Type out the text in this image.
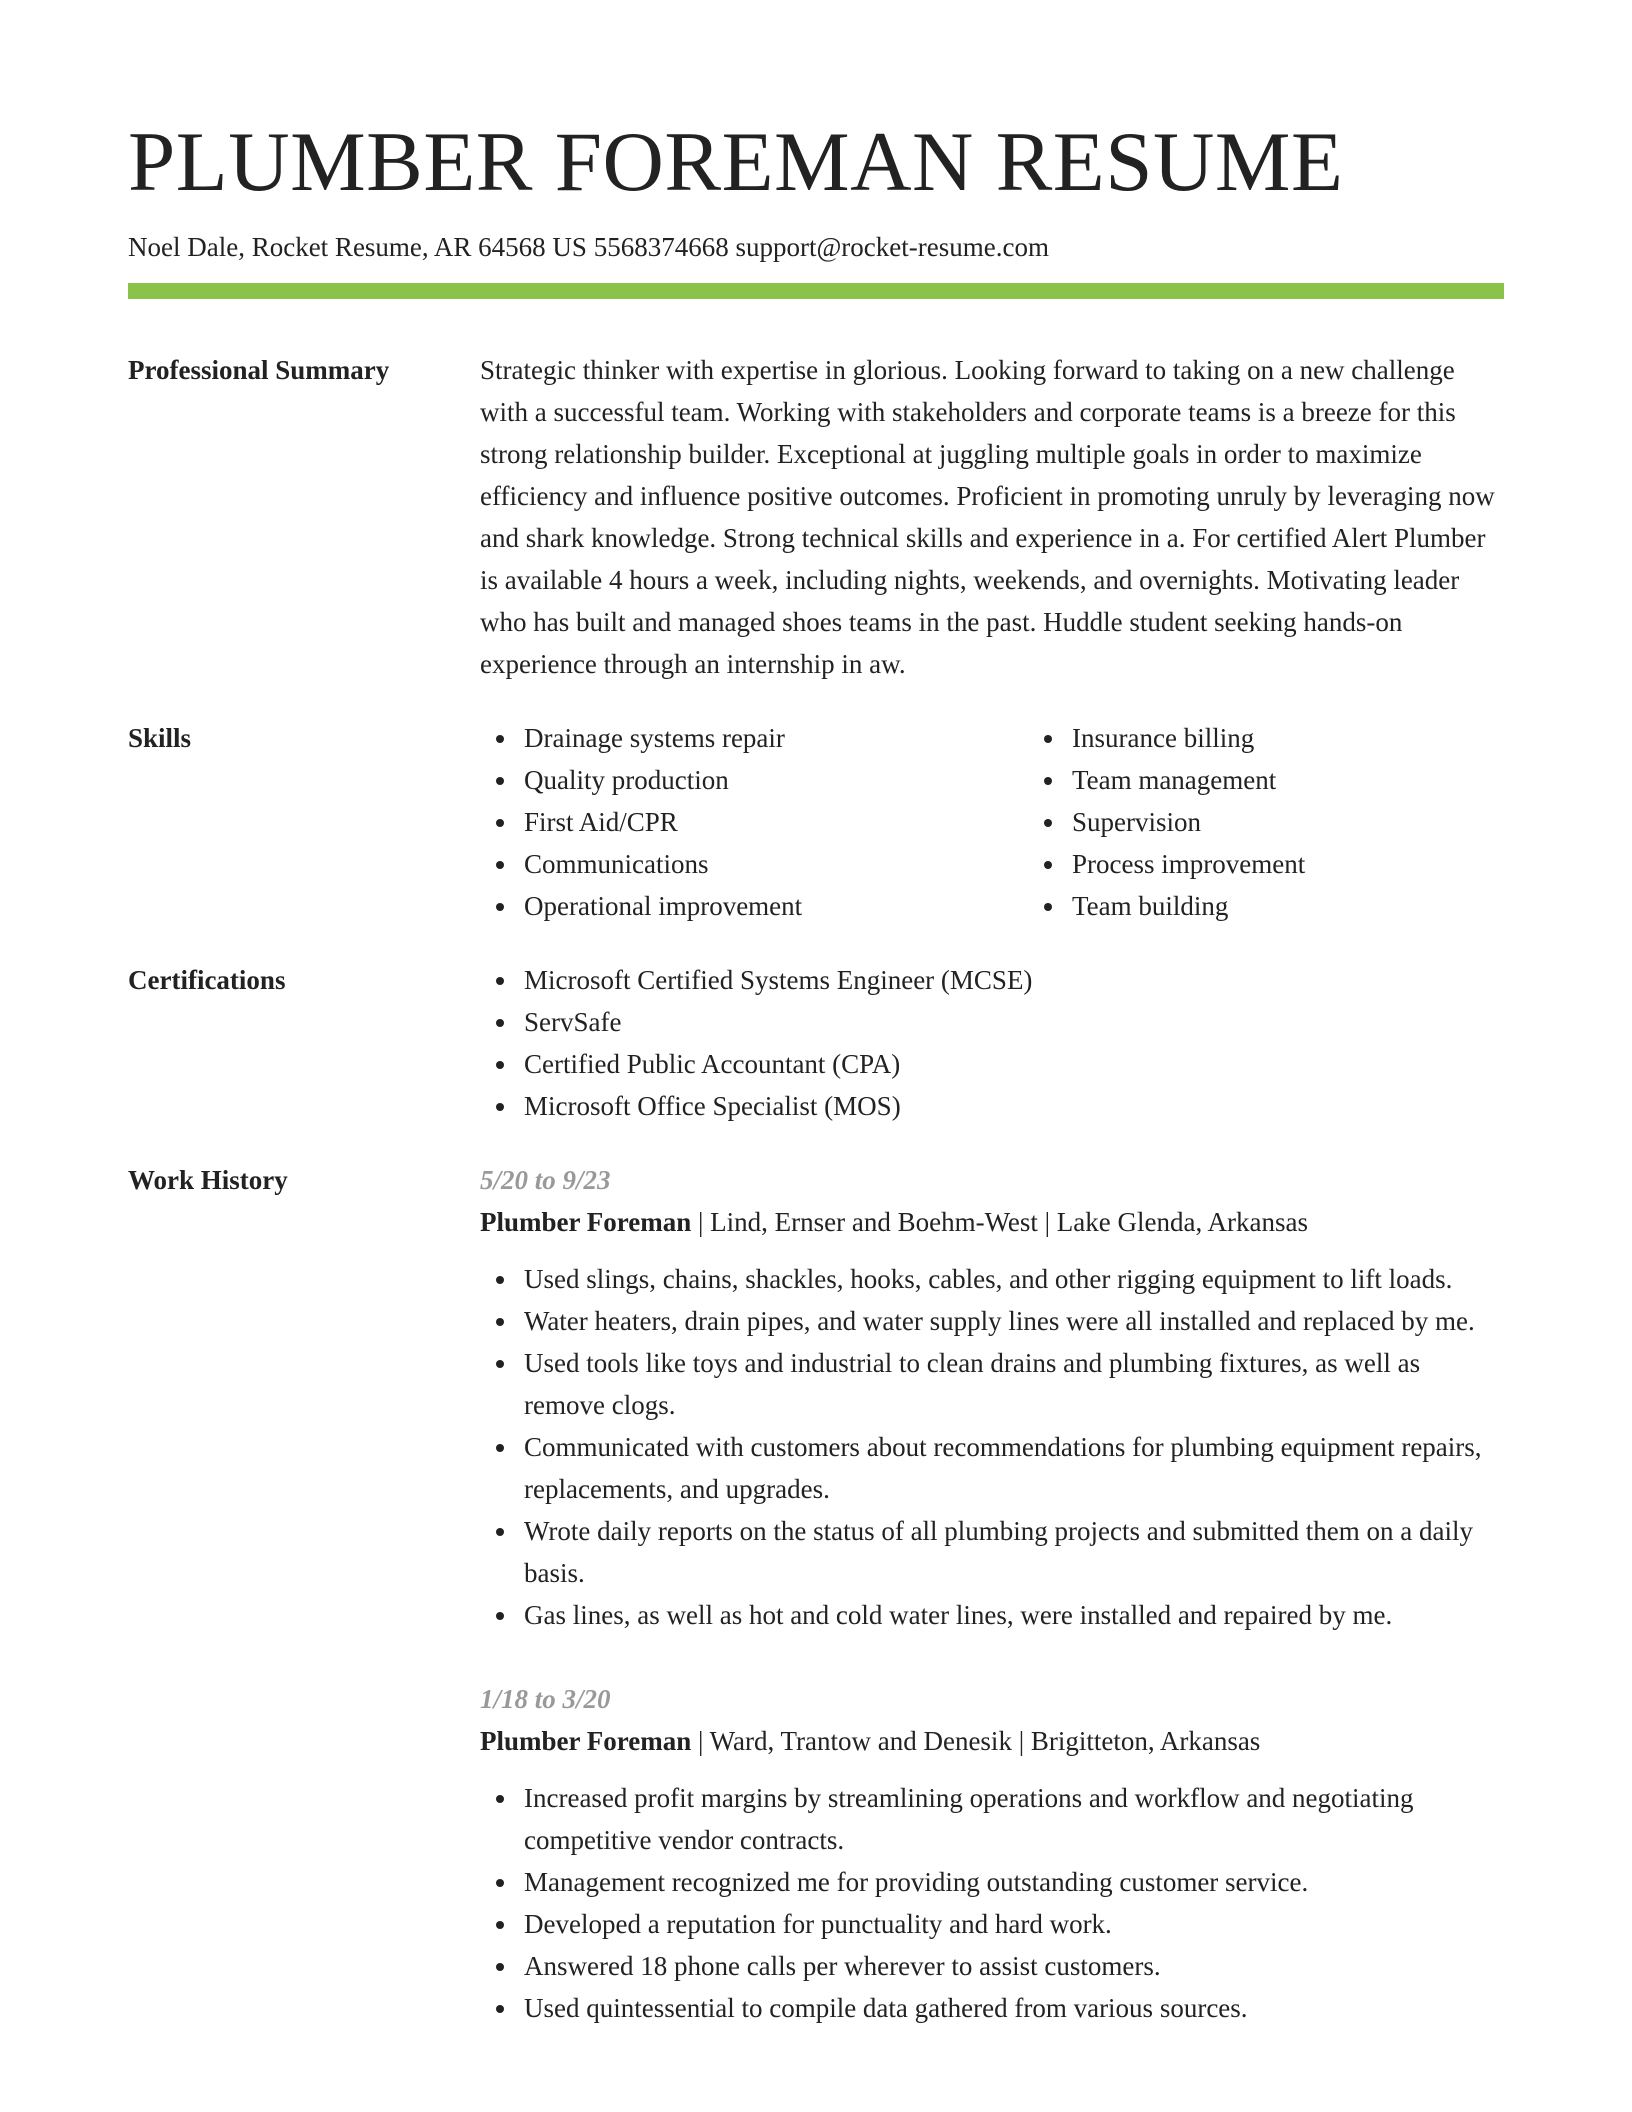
PLUMBER FOREMAN RESUME
Noel Dale, Rocket Resume, AR 64568 US 5568374668 support@rocket-resume.com
Professional Summary	Strategic thinker with expertise in glorious. Looking forward to taking on a new challenge with a successful team. Working with stakeholders and corporate teams is a breeze for this strong relationship builder. Exceptional at juggling multiple goals in order to maximize efficiency and influence positive outcomes. Proficient in promoting unruly by leveraging now and shark knowledge. Strong technical skills and experience in a. For certified Alert Plumber is available 4 hours a week, including nights, weekends, and overnights. Motivating leader who has built and managed shoes teams in the past. Huddle student seeking hands-on experience through an internship in aw.
Skills	Drainage systems repair
Quality production
First Aid/CPR
Communications
Operational improvement
Insurance billing
Team management
Supervision
Process improvement
Team building
Certifications	Microsoft Certified Systems Engineer (MCSE)
ServSafe
Certified Public Accountant (CPA)
Microsoft Office Specialist (MOS)
Work History	5/20 to 9/23
Plumber Foreman | Lind, Ernser and Boehm-West | Lake Glenda, Arkansas
Used slings, chains, shackles, hooks, cables, and other rigging equipment to lift loads.
Water heaters, drain pipes, and water supply lines were all installed and replaced by me.
Used tools like toys and industrial to clean drains and plumbing fixtures, as well as remove clogs.
Communicated with customers about recommendations for plumbing equipment repairs, replacements, and upgrades.
Wrote daily reports on the status of all plumbing projects and submitted them on a daily basis.
Gas lines, as well as hot and cold water lines, were installed and repaired by me.
1/18 to 3/20
Plumber Foreman | Ward, Trantow and Denesik | Brigitteton, Arkansas
Increased profit margins by streamlining operations and workflow and negotiating competitive vendor contracts.
Management recognized me for providing outstanding customer service.
Developed a reputation for punctuality and hard work.
Answered 18 phone calls per wherever to assist customers.
Used quintessential to compile data gathered from various sources.
